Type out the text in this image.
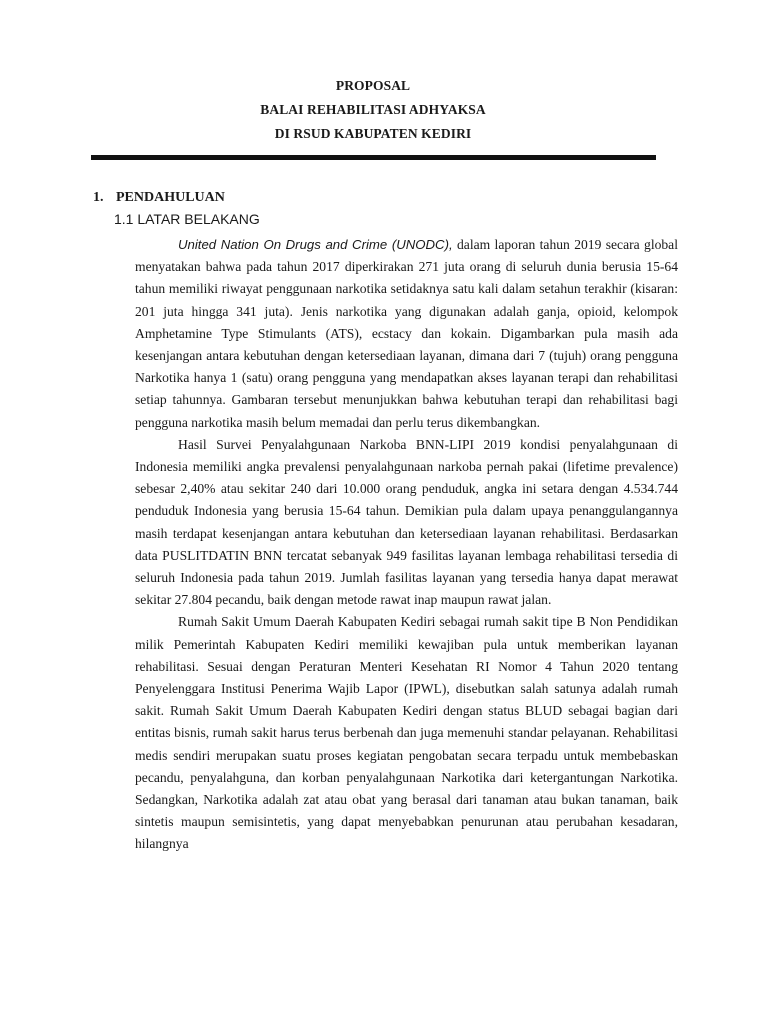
PROPOSAL
BALAI REHABILITASI ADHYAKSA
DI RSUD KABUPATEN KEDIRI
1. PENDAHULUAN
1.1 LATAR BELAKANG

United Nation On Drugs and Crime (UNODC), dalam laporan tahun 2019 secara global menyatakan bahwa pada tahun 2017 diperkirakan 271 juta orang di seluruh dunia berusia 15-64 tahun memiliki riwayat penggunaan narkotika setidaknya satu kali dalam setahun terakhir (kisaran: 201 juta hingga 341 juta). Jenis narkotika yang digunakan adalah ganja, opioid, kelompok Amphetamine Type Stimulants (ATS), ecstacy dan kokain. Digambarkan pula masih ada kesenjangan antara kebutuhan dengan ketersediaan layanan, dimana dari 7 (tujuh) orang pengguna Narkotika hanya 1 (satu) orang pengguna yang mendapatkan akses layanan terapi dan rehabilitasi setiap tahunnya. Gambaran tersebut menunjukkan bahwa kebutuhan terapi dan rehabilitasi bagi pengguna narkotika masih belum memadai dan perlu terus dikembangkan.

Hasil Survei Penyalahgunaan Narkoba BNN-LIPI 2019 kondisi penyalahgunaan di Indonesia memiliki angka prevalensi penyalahgunaan narkoba pernah pakai (lifetime prevalence) sebesar 2,40% atau sekitar 240 dari 10.000 orang penduduk, angka ini setara dengan 4.534.744 penduduk Indonesia yang berusia 15-64 tahun. Demikian pula dalam upaya penanggulangannya masih terdapat kesenjangan antara kebutuhan dan ketersediaan layanan rehabilitasi. Berdasarkan data PUSLITDATIN BNN tercatat sebanyak 949 fasilitas layanan lembaga rehabilitasi tersedia di seluruh Indonesia pada tahun 2019. Jumlah fasilitas layanan yang tersedia hanya dapat merawat sekitar 27.804 pecandu, baik dengan metode rawat inap maupun rawat jalan.

Rumah Sakit Umum Daerah Kabupaten Kediri sebagai rumah sakit tipe B Non Pendidikan milik Pemerintah Kabupaten Kediri memiliki kewajiban pula untuk memberikan layanan rehabilitasi. Sesuai dengan Peraturan Menteri Kesehatan RI Nomor 4 Tahun 2020 tentang Penyelenggara Institusi Penerima Wajib Lapor (IPWL), disebutkan salah satunya adalah rumah sakit. Rumah Sakit Umum Daerah Kabupaten Kediri dengan status BLUD sebagai bagian dari entitas bisnis, rumah sakit harus terus berbenah dan juga memenuhi standar pelayanan. Rehabilitasi medis sendiri merupakan suatu proses kegiatan pengobatan secara terpadu untuk membebaskan pecandu, penyalahguna, dan korban penyalahgunaan Narkotika dari ketergantungan Narkotika. Sedangkan, Narkotika adalah zat atau obat yang berasal dari tanaman atau bukan tanaman, baik sintetis maupun semisintetis, yang dapat menyebabkan penurunan atau perubahan kesadaran, hilangnya
